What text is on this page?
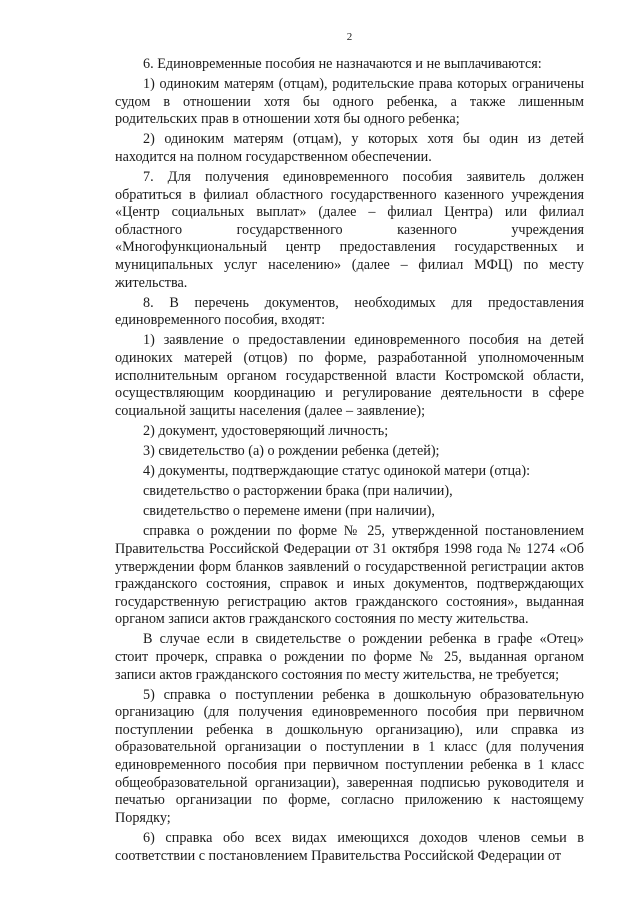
2

6. Единовременные пособия не назначаются и не выплачиваются:

1) одиноким матерям (отцам), родительские права которых ограничены судом в отношении хотя бы одного ребенка, а также лишенным родительских прав в отношении хотя бы одного ребенка;

2) одиноким матерям (отцам), у которых хотя бы один из детей находится на полном государственном обеспечении.

7. Для получения единовременного пособия заявитель должен обратиться в филиал областного государственного казенного учреждения «Центр социальных выплат» (далее – филиал Центра) или филиал областного государственного казенного учреждения «Многофункциональный центр предоставления государственных и муниципальных услуг населению» (далее – филиал МФЦ) по месту жительства.

8. В перечень документов, необходимых для предоставления единовременного пособия, входят:

1) заявление о предоставлении единовременного пособия на детей одиноких матерей (отцов) по форме, разработанной уполномоченным исполнительным органом государственной власти Костромской области, осуществляющим координацию и регулирование деятельности в сфере социальной защиты населения (далее – заявление);

2) документ, удостоверяющий личность;

3) свидетельство (а) о рождении ребенка (детей);

4) документы, подтверждающие статус одинокой матери (отца):

свидетельство о расторжении брака (при наличии),

свидетельство о перемене имени (при наличии),

справка о рождении по форме № 25, утвержденной постановлением Правительства Российской Федерации от 31 октября 1998 года № 1274 «Об утверждении форм бланков заявлений о государственной регистрации актов гражданского состояния, справок и иных документов, подтверждающих государственную регистрацию актов гражданского состояния», выданная органом записи актов гражданского состояния по месту жительства.

В случае если в свидетельстве о рождении ребенка в графе «Отец» стоит прочерк, справка о рождении по форме № 25, выданная органом записи актов гражданского состояния по месту жительства, не требуется;

5) справка о поступлении ребенка в дошкольную образовательную организацию (для получения единовременного пособия при первичном поступлении ребенка в дошкольную организацию), или справка из образовательной организации о поступлении в 1 класс (для получения единовременного пособия при первичном поступлении ребенка в 1 класс общеобразовательной организации), заверенная подписью руководителя и печатью организации по форме, согласно приложению к настоящему Порядку;

6) справка обо всех видах имеющихся доходов членов семьи в соответствии с постановлением Правительства Российской Федерации от
